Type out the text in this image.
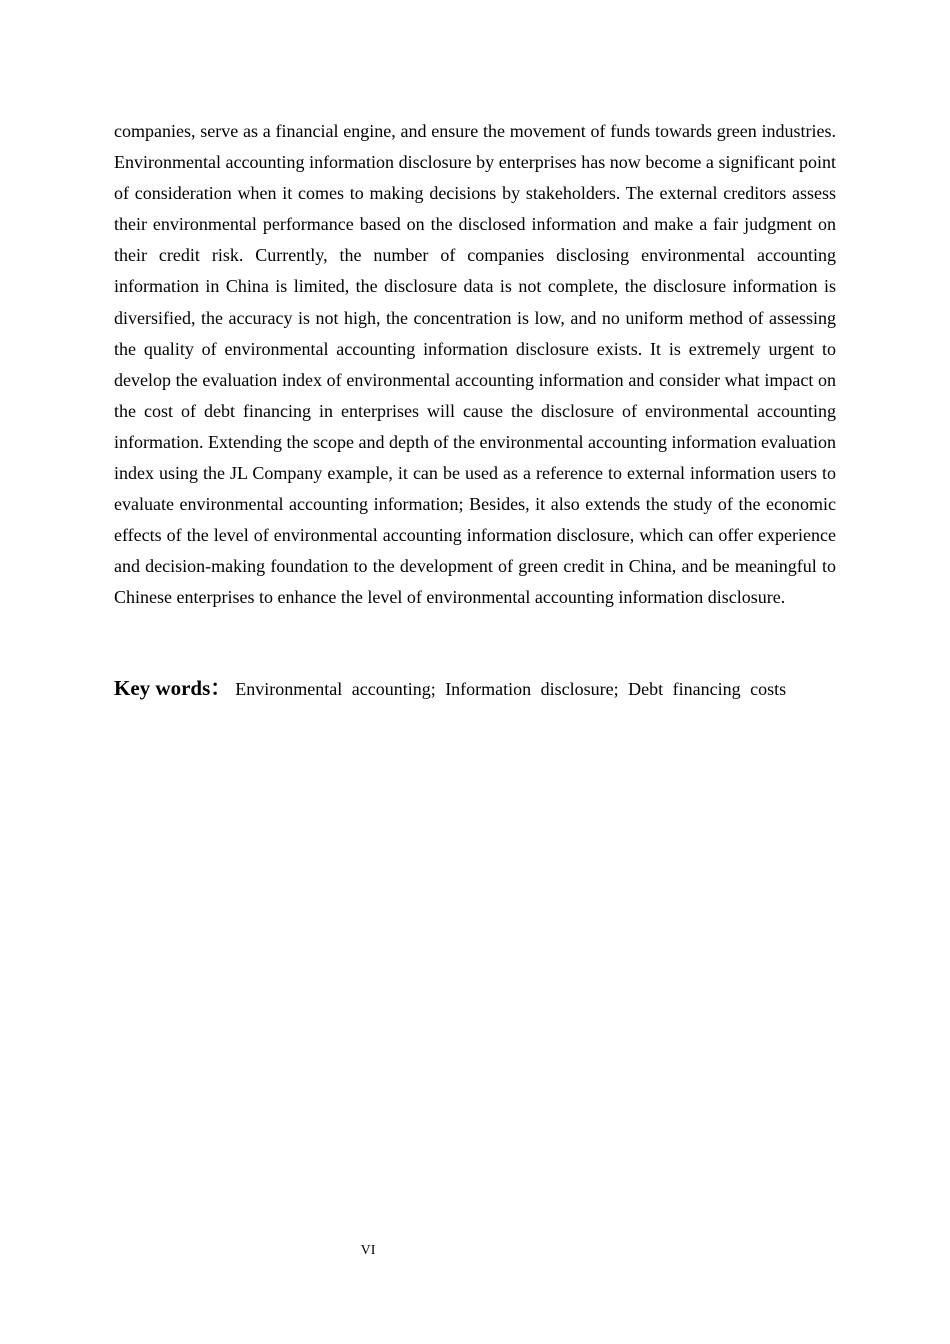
companies, serve as a financial engine, and ensure the movement of funds towards green industries. Environmental accounting information disclosure by enterprises has now become a significant point of consideration when it comes to making decisions by stakeholders. The external creditors assess their environmental performance based on the disclosed information and make a fair judgment on their credit risk. Currently, the number of companies disclosing environmental accounting information in China is limited, the disclosure data is not complete, the disclosure information is diversified, the accuracy is not high, the concentration is low, and no uniform method of assessing the quality of environmental accounting information disclosure exists. It is extremely urgent to develop the evaluation index of environmental accounting information and consider what impact on the cost of debt financing in enterprises will cause the disclosure of environmental accounting information. Extending the scope and depth of the environmental accounting information evaluation index using the JL Company example, it can be used as a reference to external information users to evaluate environmental accounting information; Besides, it also extends the study of the economic effects of the level of environmental accounting information disclosure, which can offer experience and decision-making foundation to the development of green credit in China, and be meaningful to Chinese enterprises to enhance the level of environmental accounting information disclosure.

Key words： Environmental accounting; Information disclosure; Debt financing costs

VI
